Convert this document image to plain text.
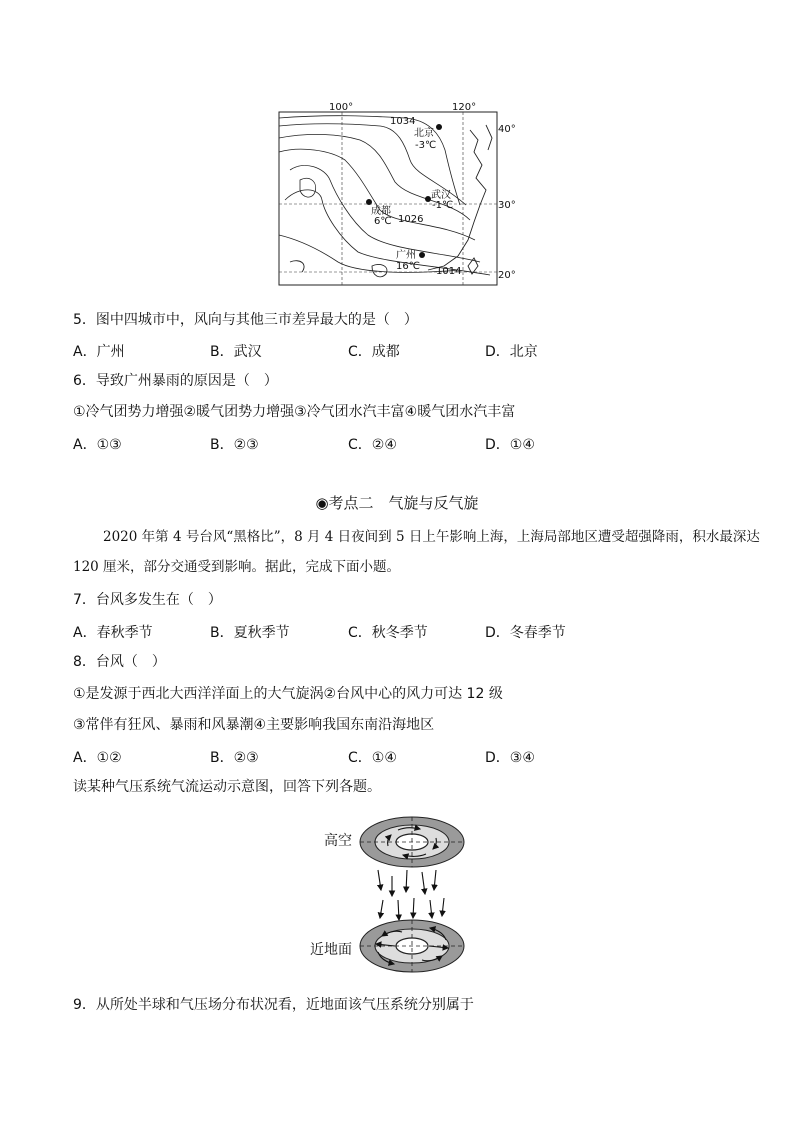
100°	120°
40°
30°
20°
1034
1026
1014
北京
-3℃
武汉
-1℃
成都
6℃
广州
16℃
5．图中四城市中，风向与其他三市差异最大的是（　）
A．广州	B．武汉	C．成都	D．北京
6．导致广州暴雨的原因是（　）
①冷气团势力增强②暖气团势力增强③冷气团水汽丰富④暖气团水汽丰富
A．①③	B．②③	C．②④	D．①④
◉考点二　气旋与反气旋
2020 年第 4 号台风“黑格比”，8 月 4 日夜间到 5 日上午影响上海，上海局部地区遭受超强降雨，积水最深达
120 厘米，部分交通受到影响。据此，完成下面小题。
7．台风多发生在（　）
A．春秋季节	B．夏秋季节	C．秋冬季节	D．冬春季节
8．台风（　）
①是发源于西北大西洋洋面上的大气旋涡②台风中心的风力可达 12 级
③常伴有狂风、暴雨和风暴潮④主要影响我国东南沿海地区
A．①②	B．②③	C．①④	D．③④
读某种气压系统气流运动示意图，回答下列各题。
高空
近地面
9．从所处半球和气压场分布状况看，近地面该气压系统分别属于
